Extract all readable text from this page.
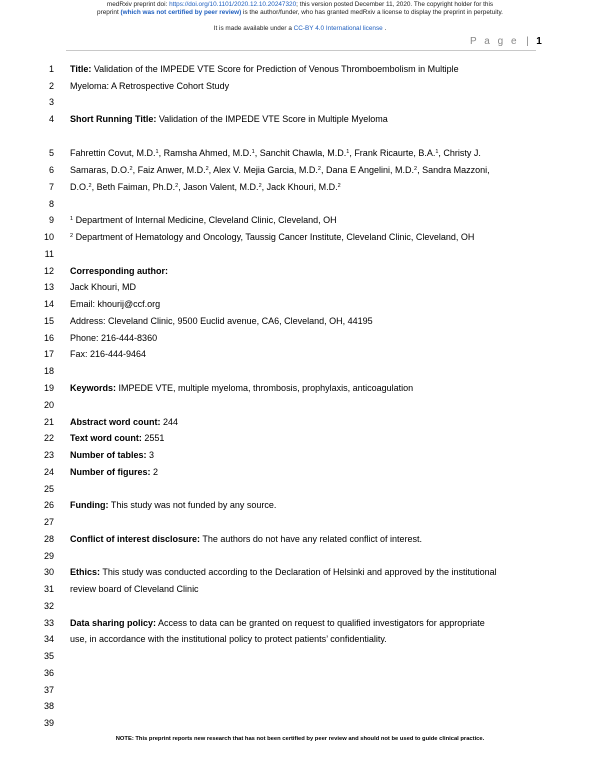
medRxiv preprint doi: https://doi.org/10.1101/2020.12.10.20247320; this version posted December 11, 2020. The copyright holder for this
preprint (which was not certified by peer review) is the author/funder, who has granted medRxiv a license to display the preprint in perpetuity.
It is made available under a CC-BY 4.0 International license .
P a g e | 1
1
2
3
4
5
6
7
8
9
10
11
12
13
14
15
16
17
18
19
20
21
22
23
24
25
26
27
28
29
30
31
32
33
34
35
36
37
38
39
Title: Validation of the IMPEDE VTE Score for Prediction of Venous Thromboembolism in Multiple
Myeloma: A Retrospective Cohort Study
Short Running Title: Validation of the IMPEDE VTE Score in Multiple Myeloma
Fahrettin Covut, M.D.$^1$, Ramsha Ahmed, M.D.$^1$, Sanchit Chawla, M.D.$^1$, Frank Ricaurte, B.A.$^1$, Christy J.
Samaras, D.O.$^2$, Faiz Anwer, M.D.$^2$, Alex V. Mejia Garcia, M.D.$^2$, Dana E Angelini, M.D.$^2$, Sandra Mazzoni,
D.O.$^2$, Beth Faiman, Ph.D.$^2$, Jason Valent, M.D.$^2$, Jack Khouri, M.D.$^2$
$^1$ Department of Internal Medicine, Cleveland Clinic, Cleveland, OH
$^2$ Department of Hematology and Oncology, Taussig Cancer Institute, Cleveland Clinic, Cleveland, OH
Corresponding author:
Jack Khouri, MD
Email: khourij@ccf.org
Address: Cleveland Clinic, 9500 Euclid avenue, CA6, Cleveland, OH, 44195
Phone: 216-444-8360
Fax: 216-444-9464
Keywords: IMPEDE VTE, multiple myeloma, thrombosis, prophylaxis, anticoagulation
Abstract word count: 244
Text word count: 2551
Number of tables: 3
Number of figures: 2
Funding: This study was not funded by any source.
Conflict of interest disclosure: The authors do not have any related conflict of interest.
Ethics: This study was conducted according to the Declaration of Helsinki and approved by the institutional
review board of Cleveland Clinic
Data sharing policy: Access to data can be granted on request to qualified investigators for appropriate
use, in accordance with the institutional policy to protect patients’ confidentiality.
NOTE: This preprint reports new research that has not been certified by peer review and should not be used to guide clinical practice.
